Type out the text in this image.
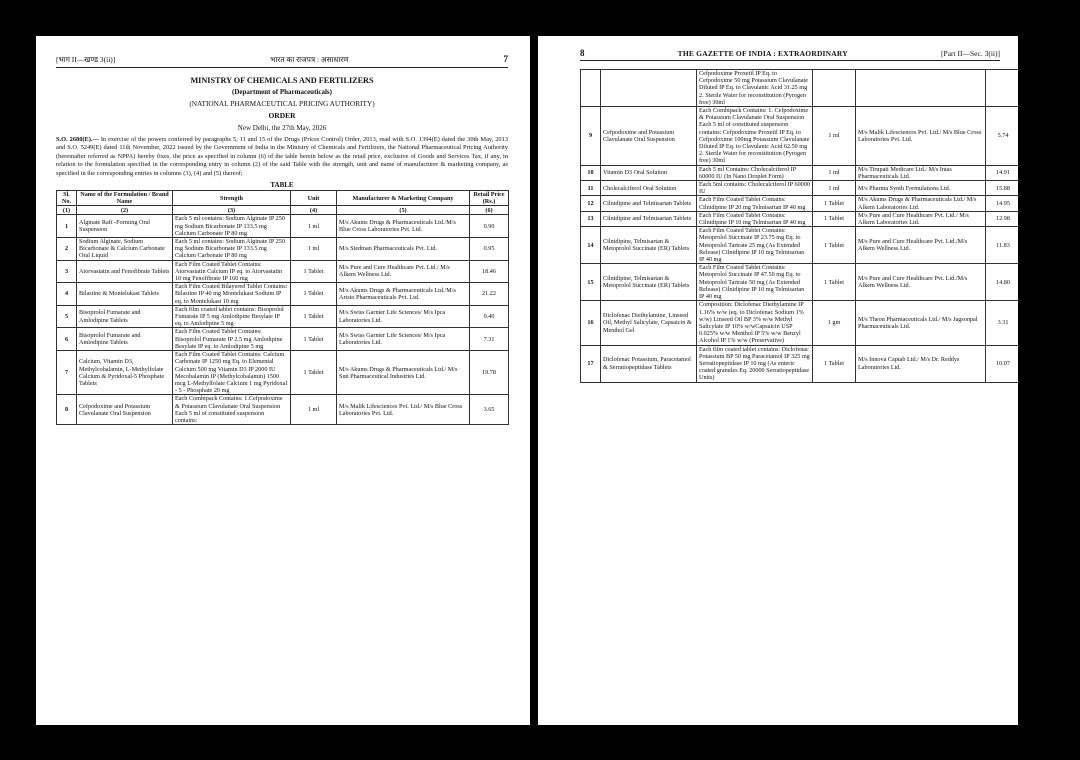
[भाग II—खण्ड 3(ii)]	भारत का राजपत्र : असाधारण	7
MINISTRY OF CHEMICALS AND FERTILIZERS
(Department of Pharmaceuticals)
(NATIONAL PHARMACEUTICAL PRICING AUTHORITY)
ORDER
New Delhi, the 27th May, 2026
S.O. 2680(E).— In exercise of the powers conferred by paragraphs 5, 11 and 15 of the Drugs (Prices Control) Order, 2013, read with S.O. 1394(E) dated the 30th May, 2013 and S.O. 5249(E) dated 11th November, 2022 issued by the Government of India in the Ministry of Chemicals and Fertilizers, the National Pharmaceutical Pricing Authority (hereinafter referred as NPPA) hereby fixes, the price as specified in column (6) of the table herein below as the retail price, exclusive of Goods and Services Tax, if any, in relation to the formulation specified in the corresponding entry in column (2) of the said Table with the strength, unit and name of manufacturer & marketing company, as specified in the corresponding entries in columns (3), (4) and (5) thereof;
TABLE
Sl. No.	Name of the Formulation / Brand Name	Strength	Unit	Manufacturer & Marketing Company	Retail Price (Rs.)
(1)	(2)	(3)	(4)	(5)	(6)
1	Alginate Raft -Forming Oral Suspension	Each 5 ml contains: Sodium Alginate IP 250 mg Sodium Bicarbonate IP 133.5 mg Calcium Carbonate IP 80 mg	1 ml	M/s Akums Drugs & Pharmaceuticals Ltd./M/s Blue Cross Laboratories Pvt. Ltd.	0.90
2	Sodium Alginate, Sodium Bicarbonate & Calcium Carbonate Oral Liquid	Each 5 ml contains: Sodium Alginate IP 250 mg Sodium Bicarbonate IP 133.5 mg Calcium Carbonate IP 80 mg	1 ml	M/s Stedman Pharmaceuticals Pvt. Ltd.	0.95
3	Atorvastatin and Fenofibrate Tablets	Each Film Coated Tablet Contains: Atorvastatin Calcium IP eq. to Atorvastatin 10 mg Fenofibrate IP 160 mg	1 Tablet	M/s Pure and Cure Healthcare Pvt. Ltd./ M/s Alkem Wellness Ltd.	18.46
4	Bilastine & Montelukast Tablets	Each Film Coated Bilayered Tablet Contains: Bilastine IP 40 mg Montelukast Sodium IP eq. to Montelukast 10 mg	1 Tablet	M/s Akums Drugs & Pharmaceuticals Ltd./M/s Aristo Pharmaceuticals Pvt. Ltd.	21.22
5	Bisoprolol Fumarate and Amlodipine Tablets	Each film coated tablet contains: Bisoprolol Fumarate IP 5 mg Amlodipine Besylate IP eq. to Amlodipine 5 mg	1 Tablet	M/s Swiss Garnier Life Sciences/ M/s Ipca Laboratories Ltd.	9.40
6	Bisoprolol Fumarate and Amlodipine Tablets	Each Film Coated Tablet Contains: Bisoprolol Fumarate IP 2.5 mg Amlodipine Besylate IP eq. to Amlodipine 5 mg	1 Tablet	M/s Swiss Garnier Life Sciences/ M/s Ipca Laboratories Ltd.	7.31
7	Calcium, Vitamin D3, Methylcobalamin, L-Methylfolate Calcium & Pyridoxal-5 Phosphate Tablets	Each Film Coated Tablet Contains: Calcium Carbonate IP 1250 mg Eq. to Elemental Calcium 500 mg Vitamin D3 IP 2000 IU Mecobalamin IP (Methylcobalamin) 1500 mcg L-Methylfolate Calcium 1 mg Pyridoxal - 5 - Phosphate 20 mg	1 Tablet	M/s Akums Drugs & Pharmaceuticals Ltd./ M/s Sun Pharmaceutical Industries Ltd.	19.78
8	Cefpodoxime and Potassium Clavulanate Oral Suspension	Each Combipack Contains: 1.Cefpodoxime & Potassium Clavulanate Oral Suspension Each 5 ml of constituted suspension contains:	1 ml	M/s Malik Lifesciences Pvt. Ltd./ M/s Blue Cross Laboratories Pvt. Ltd.	3.65
8	THE GAZETTE OF INDIA : EXTRAORDINARY	[Part II—Sec. 3(ii)]
		Cefpodoxime Proxetil IP Eq. to Cefpodoxime 50 mg Potassium Clavulanate Diluted IP Eq. to Clavulanic Acid 31.25 mg 2. Sterile Water for reconstitution (Pyrogen free) 30ml			
9	Cefpodoxime and Potassium Clavulanate Oral Suspension	Each Combipack Contains: 1. Cefpodoxime & Potassium Clavulanate Oral Suspension Each 5 ml of constituted suspension contains: Cefpodoxime Proxetil IP Eq. to Cefpodoxime 100mg Potassium Clavulanate Diluted IP Eq. to Clavulanic Acid 62.50 mg 2. Sterile Water for reconstitution (Pyrogen free) 30ml	1 ml	M/s Malik Lifesciences Pvt. Ltd./ M/s Blue Cross Laboratories Pvt. Ltd.	5.74
10	Vitamin D3 Oral Solution	Each 5 ml Contains: Cholecalciferol IP 60000 IU (In Nano Droplet Form)	1 ml	M/s Tirupati Medicare Ltd./ M/s Intas Pharmaceuticals Ltd.	14.91
11	Cholecalciferol Oral Solution	Each 5ml contains: Cholecalciferol IP 60000 IU	1 ml	M/s Pharma Synth Formulations Ltd.	15.88
12	Cilnidipine and Telmisartan Tablets	Each Film Coated Tablet Contains: Cilnidipine IP 20 mg Telmisartan IP 40 mg	1 Tablet	M/s Akums Drugs & Pharmaceuticals Ltd./ M/s Alkem Laboratories Ltd.	14.95
13	Cilnidipine and Telmisartan Tablets	Each Film Coated Tablet Contains: Cilnidipine IP 10 mg Telmisartan IP 40 mg	1 Tablet	M/s Pure and Cure Healthcare Pvt. Ltd./ M/s Alkem Laboratories Ltd.	12.98
14	Cilnidipine, Telmisartan & Metoprolol Succinate (ER) Tablets	Each Film Coated Tablet Contains: Metoprolol Succinate IP 23.75 mg Eq. to Metoprolol Tartrate 25 mg (As Extended Release) Cilnidipine IP 10 mg Telmisartan IP 40 mg	1 Tablet	M/s Pure and Cure Healthcare Pvt. Ltd./M/s Alkem Wellness Ltd.	11.83
15	Cilnidipine, Telmisartan & Metoprolol Succinate (ER) Tablets	Each Film Coated Tablet Contains: Metoprolol Succinate IP 47.50 mg Eq. to Metoprolol Tartrate 50 mg (As Extended Release) Cilnidipine IP 10 mg Telmisartan IP 40 mg	1 Tablet	M/s Pure and Cure Healthcare Pvt. Ltd./M/s Alkem Wellness Ltd.	14.80
16	Diclofenac Diethylamine, Linseed Oil, Methyl Salicylate, Capsaicin & Menthol Gel	Composition: Diclofenac Diethylamine IP 1.16% w/w (eq. to Diclofenac Sodium 1% w/w) Linseed Oil BP 3% w/w Methyl Salicylate IP 10% w/wCapsaicin USP 0.025% w/w Menthol IP 5% w/w Benzyl Alcohol IP 1% w/w (Preservative)	1 gm	M/s Theon Pharmaceuticals Ltd./ M/s Jagsonpal Pharmaceuticals Ltd.	3.31
17	Diclofenac Potassium, Paracetamol & Serratiopeptidase Tablets	Each film coated tablet contains: Diclofenac Potassium BP 50 mg Paracetamol IP 325 mg Serratiopeptidase IP 10 mg (As enteric coated granules Eq. 20000 Serratiopeptidase Units)	1 Tablet	M/s Innova Captab Ltd./ M/s Dr. Reddys Laboratories Ltd.	10.07
